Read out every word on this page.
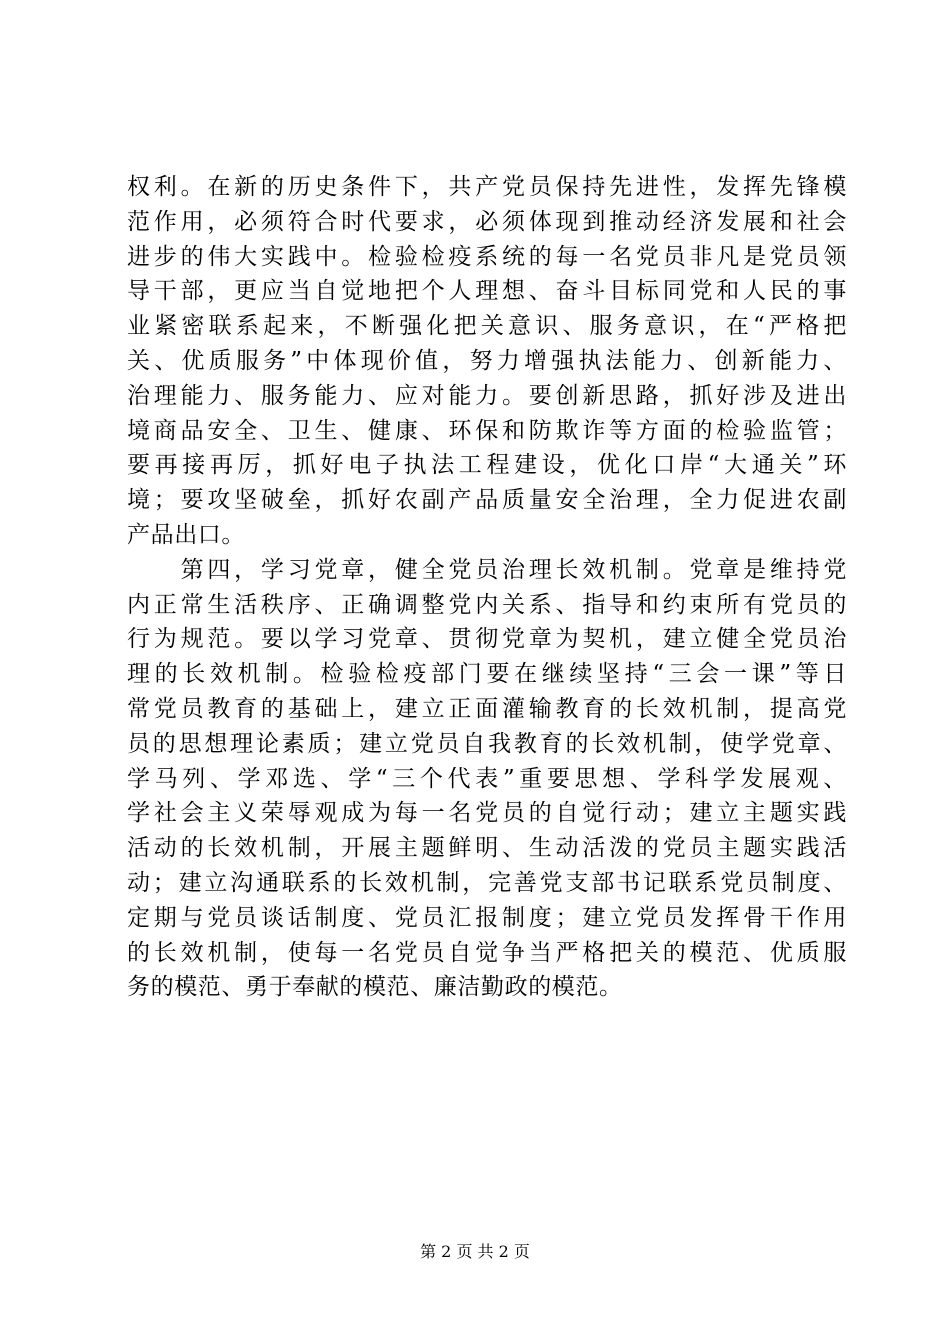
权利。在新的历史条件下，共产党员保持先进性，发挥先锋模
范作用，必须符合时代要求，必须体现到推动经济发展和社会
进步的伟大实践中。检验检疫系统的每一名党员非凡是党员领
导干部，更应当自觉地把个人理想、奋斗目标同党和人民的事
业紧密联系起来，不断强化把关意识、服务意识，在“严格把
关、优质服务”中体现价值，努力增强执法能力、创新能力、
治理能力、服务能力、应对能力。要创新思路，抓好涉及进出
境商品安全、卫生、健康、环保和防欺诈等方面的检验监管；
要再接再厉，抓好电子执法工程建设，优化口岸“大通关”环
境；要攻坚破垒，抓好农副产品质量安全治理，全力促进农副
产品出口。
　　第四，学习党章，健全党员治理长效机制。党章是维持党
内正常生活秩序、正确调整党内关系、指导和约束所有党员的
行为规范。要以学习党章、贯彻党章为契机，建立健全党员治
理的长效机制。检验检疫部门要在继续坚持“三会一课”等日
常党员教育的基础上，建立正面灌输教育的长效机制，提高党
员的思想理论素质；建立党员自我教育的长效机制，使学党章、
学马列、学邓选、学“三个代表”重要思想、学科学发展观、
学社会主义荣辱观成为每一名党员的自觉行动；建立主题实践
活动的长效机制，开展主题鲜明、生动活泼的党员主题实践活
动；建立沟通联系的长效机制，完善党支部书记联系党员制度、
定期与党员谈话制度、党员汇报制度；建立党员发挥骨干作用
的长效机制，使每一名党员自觉争当严格把关的模范、优质服
务的模范、勇于奉献的模范、廉洁勤政的模范。
第 2 页 共 2 页
